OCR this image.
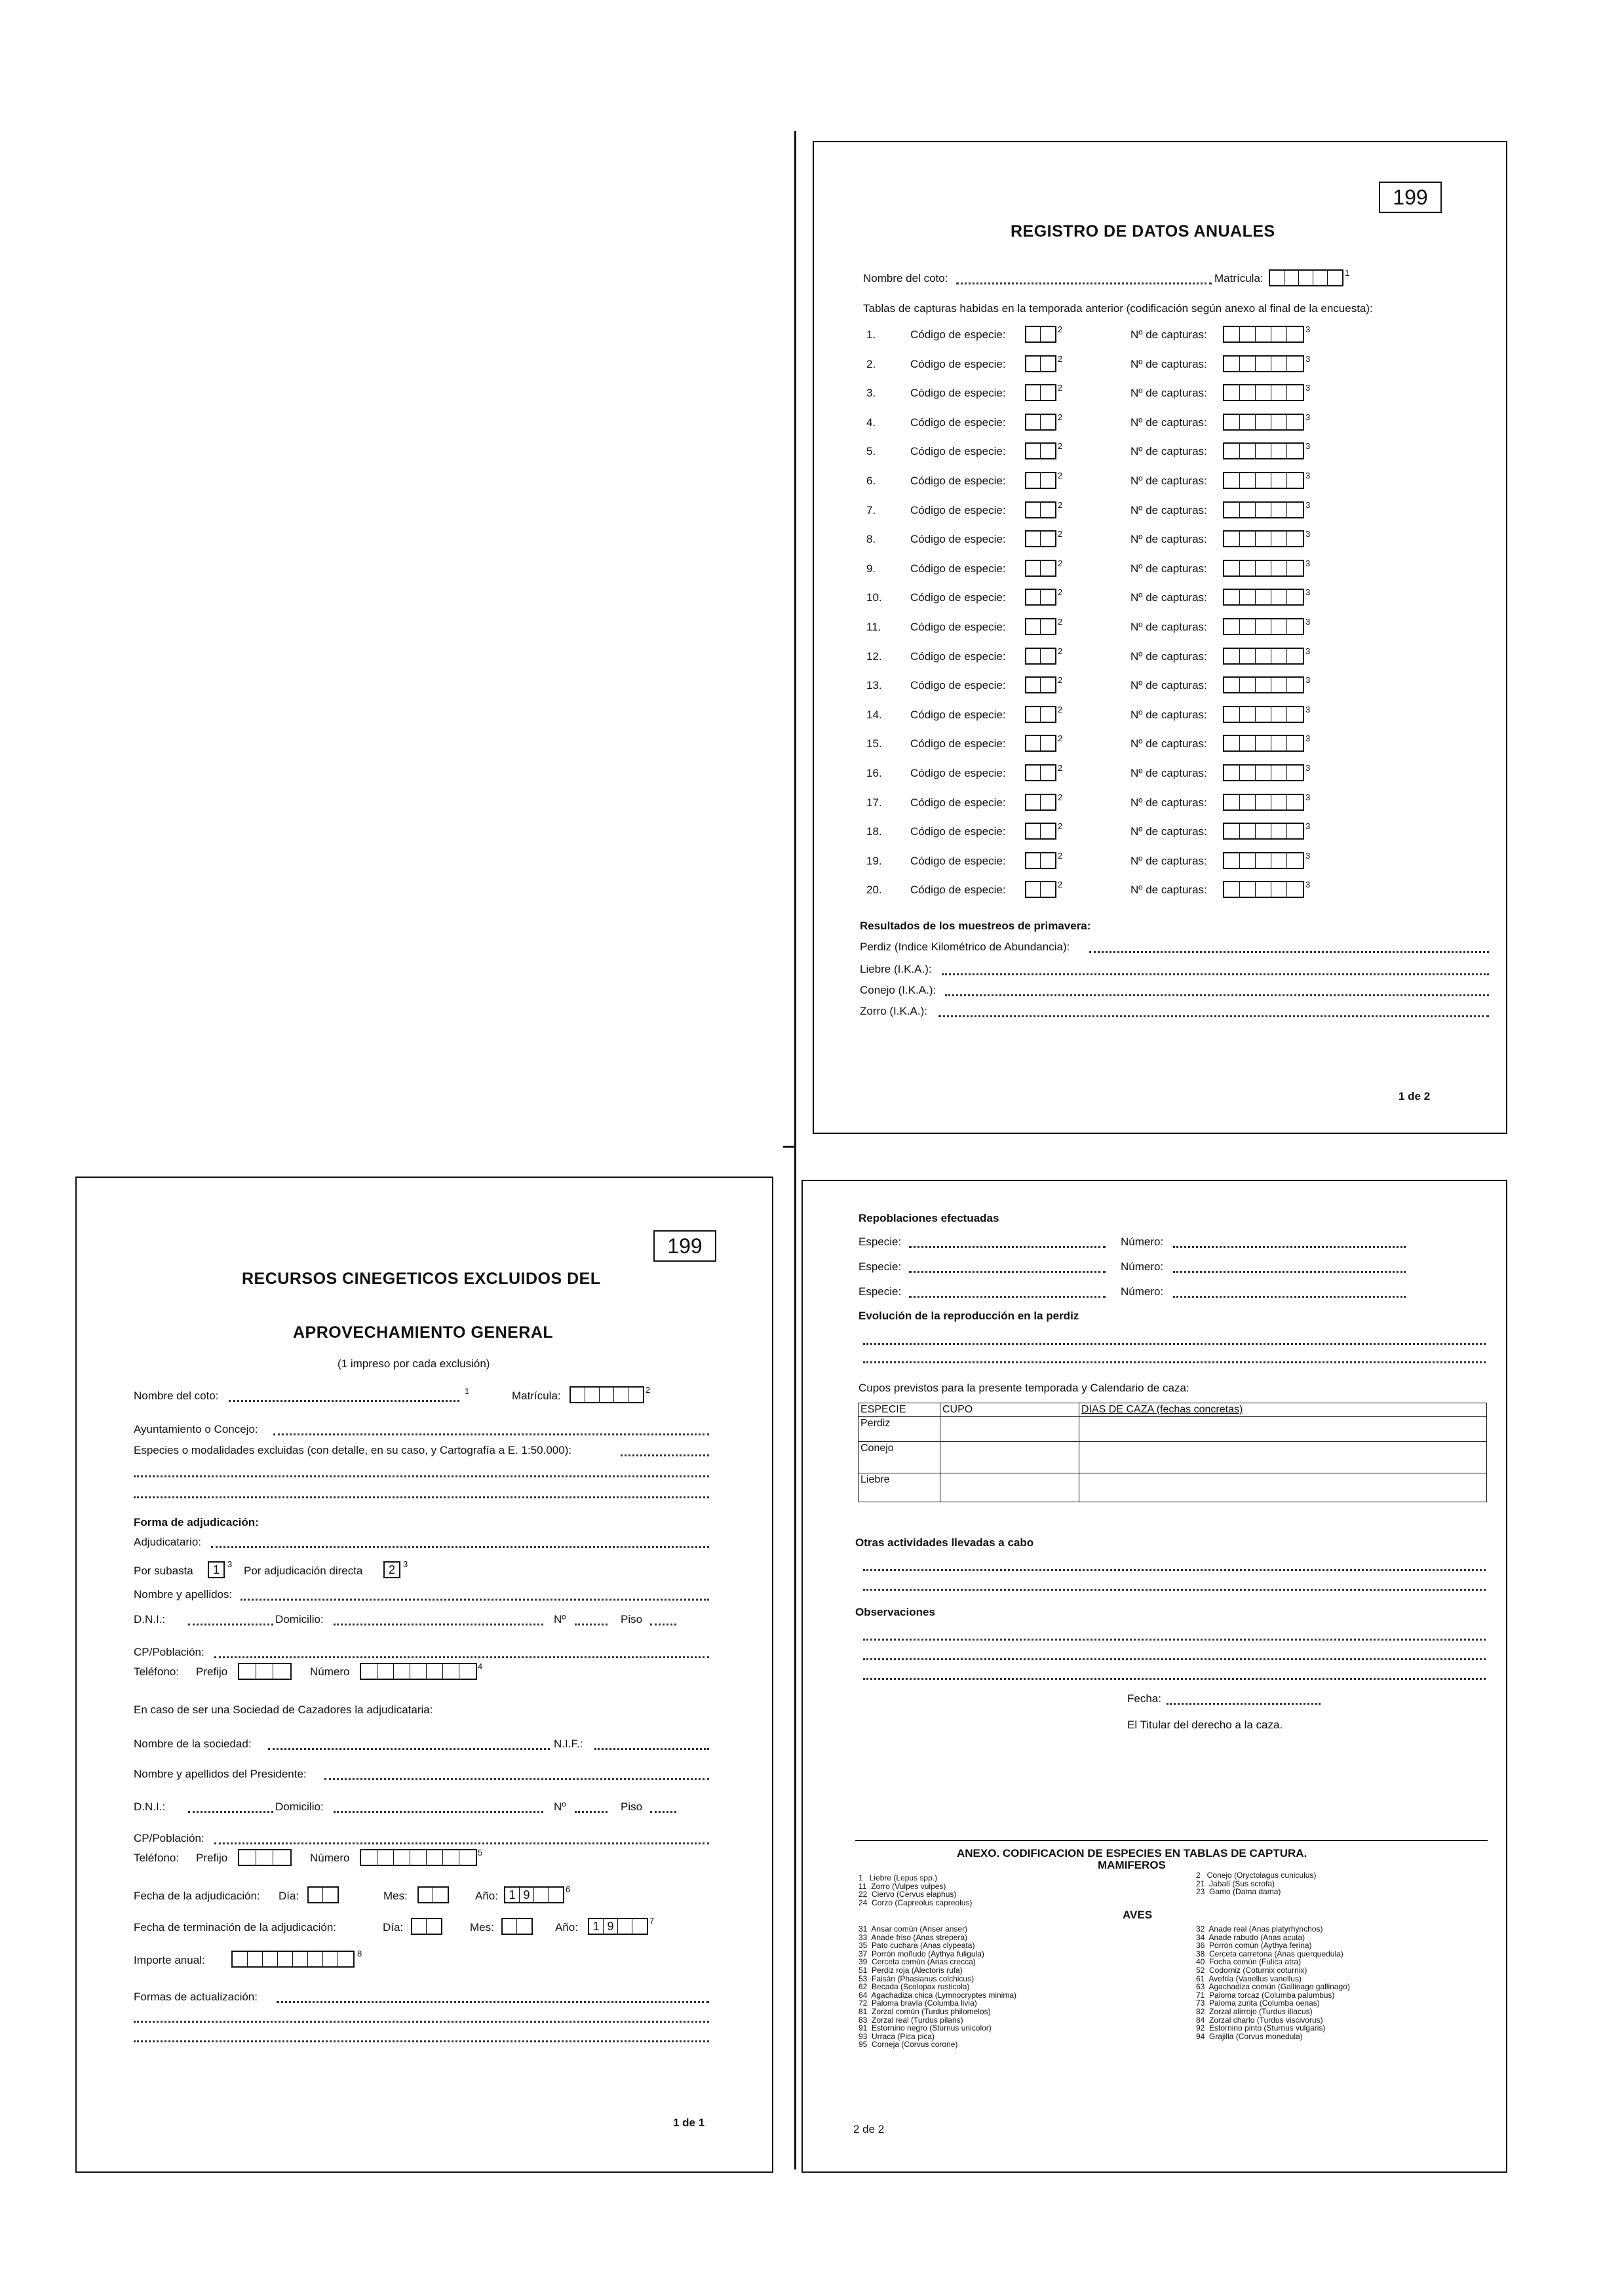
199
REGISTRO DE DATOS ANUALES
Nombre del coto:	Matrícula:	1
Tablas de capturas habidas en la temporada anterior (codificación según anexo al final de la encuesta):
1.	Código de especie:	2	Nº de capturas:	3
2.	Código de especie:	2	Nº de capturas:	3
3.	Código de especie:	2	Nº de capturas:	3
4.	Código de especie:	2	Nº de capturas:	3
5.	Código de especie:	2	Nº de capturas:	3
6.	Código de especie:	2	Nº de capturas:	3
7.	Código de especie:	2	Nº de capturas:	3
8.	Código de especie:	2	Nº de capturas:	3
9.	Código de especie:	2	Nº de capturas:	3
10.	Código de especie:	2	Nº de capturas:	3
11.	Código de especie:	2	Nº de capturas:	3
12.	Código de especie:	2	Nº de capturas:	3
13.	Código de especie:	2	Nº de capturas:	3
14.	Código de especie:	2	Nº de capturas:	3
15.	Código de especie:	2	Nº de capturas:	3
16.	Código de especie:	2	Nº de capturas:	3
17.	Código de especie:	2	Nº de capturas:	3
18.	Código de especie:	2	Nº de capturas:	3
19.	Código de especie:	2	Nº de capturas:	3
20.	Código de especie:	2	Nº de capturas:	3
Resultados de los muestreos de primavera:
Perdiz (Indice Kilométrico de Abundancia):
Liebre (I.K.A.):
Conejo (I.K.A.):
Zorro (I.K.A.):
1 de 2
199
RECURSOS CINEGETICOS EXCLUIDOS DEL
APROVECHAMIENTO GENERAL
(1 impreso por cada exclusión)
Nombre del coto:	1	Matrícula:	2
Ayuntamiento o Concejo:
Especies o modalidades excluidas (con detalle, en su caso, y Cartografía a E. 1:50.000):
Forma de adjudicación:
Adjudicatario:
Por subasta	1 3
Por adjudicación directa	2 3
Nombre y apellidos:
D.N.I.:	Domicilio:	Nº	Piso
CP/Población:
Teléfono: Prefijo	Número	4
En caso de ser una Sociedad de Cazadores la adjudicataria:
Nombre de la sociedad:	N.I.F.:
Nombre y apellidos del Presidente:
D.N.I.:	Domicilio:	Nº	Piso
CP/Población:
Teléfono: Prefijo	Número	5
Fecha de la adjudicación: Día:	Mes:	Año: 1 9	6
Fecha de terminación de la adjudicación:	Día:	Mes:	Año:	1 9	7
Importe anual:
8
Formas de actualización:
1 de 1
Repoblaciones efectuadas
Especie:	Número:
Especie:	Número:
Especie:	Número:
Evolución de la reproducción en la perdiz
Cupos previstos para la presente temporada y Calendario de caza:
ESPECIE	CUPO	DIAS DE CAZA (fechas concretas)
Perdiz		
Conejo		
Liebre		
Otras actividades llevadas a cabo
Observaciones
Fecha:
El Titular del derecho a la caza.
ANEXO. CODIFICACION DE ESPECIES EN TABLAS DE CAPTURA.
MAMIFEROS
1   Liebre (Lepus spp.)
11  Zorro (Vulpes vulpes)
22  Ciervo (Cervus elaphus)
24  Corzo (Capreolus capreolus)
2   Conejo (Oryctolagus cuniculus)
21  Jabalí (Sus scrofa)
23  Gamo (Dama dama)
AVES
31  Ansar común (Anser anser)
33  Anade friso (Anas strepera)
35  Pato cuchara (Anas clypeata)
37  Porrón moñudo (Aythya fuligula)
39  Cerceta común (Anas crecca)
51  Perdiz roja (Alectoris rufa)
53  Faisán (Phasianus colchicus)
62  Becada (Scolopax rusticola)
64  Agachadiza chica (Lymnocryptes minima)
72  Paloma bravía (Columba livia)
81  Zorzal común (Turdus philomelos)
83  Zorzal real (Turdus pilaris)
91  Estornino negro (Sturnus unicolor)
93  Urraca (Pica pica)
95  Corneja (Corvus corone)
32  Anade real (Anas platyrhynchos)
34  Anade rabudo (Anas acuta)
36  Porrón común (Aythya ferina)
38  Cerceta carretona (Anas querquedula)
40  Focha común (Fulica atra)
52  Codorniz (Coturnix coturnix)
61  Avefría (Vanellus vanellus)
63  Agachadiza común (Gallinago gallinago)
71  Paloma torcaz (Columba palumbus)
73  Paloma zurita (Columba oenas)
82  Zorzal alirrojo (Turdus iliacus)
84  Zorzal charlo (Turdus viscivorus)
92  Estornino pinto (Sturnus vulgaris)
94  Grajilla (Corvus monedula)
2 de 2
